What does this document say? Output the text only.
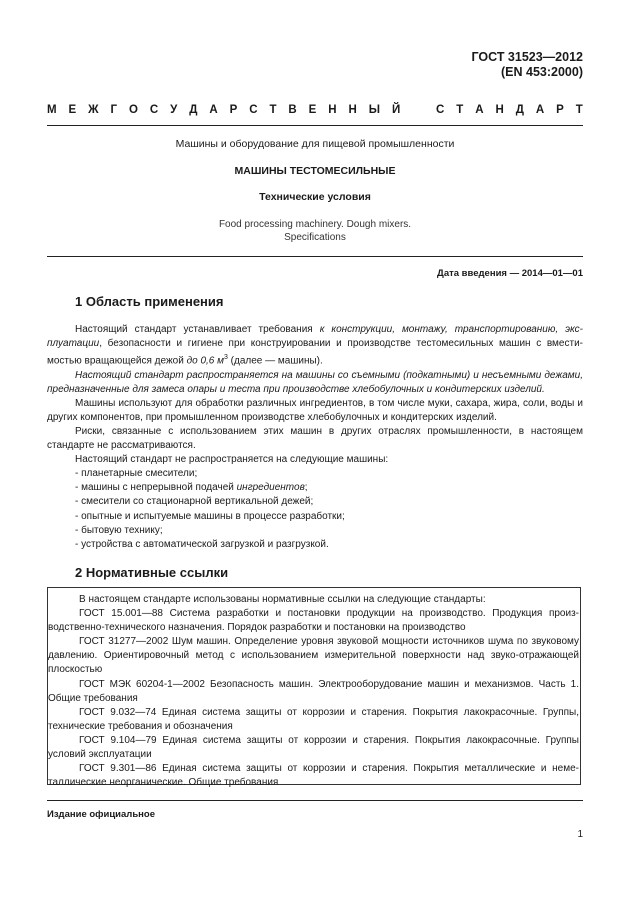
ГОСТ 31523—2012
(EN 453:2000)
М Е Ж Г О С У Д А Р С Т В Е Н Н Ы Й	С Т А Н Д А Р Т
Машины и оборудование для пищевой промышленности
МАШИНЫ ТЕСТОМЕСИЛЬНЫЕ
Технические условия
Food processing machinery. Dough mixers.
Specifications
Дата введения — 2014—01—01
1 Область применения

Настоящий стандарт устанавливает требования к конструкции, монтажу, транспортированию, экс-плуатации, безопасности и гигиене при конструировании и производстве тестомесильных машин с вмести-мостью вращающейся дежой до 0,6 $м^3$ (далее — машины).

Настоящий стандарт распространяется на машины со съемными (подкатными) и несъемными дежами, предназначенные для замеса опары и теста при производстве хлебобулочных и кондитерских изделий.

Машины используют для обработки различных ингредиентов, в том числе муки, сахара, жира, соли, воды и других компонентов, при промышленном производстве хлебобулочных и кондитерских изделий.

Риски, связанные с использованием этих машин в других отраслях промышленности, в настоящем стандарте не рассматриваются.

Настоящий стандарт не распространяется на следующие машины:

- планетарные смесители;

- машины с непрерывной подачей ингредиентов;

- смесители со стационарной вертикальной дежей;

- опытные и испытуемые машины в процессе разработки;

- бытовую технику;

- устройства с автоматической загрузкой и разгрузкой.

2 Нормативные ссылки

В настоящем стандарте использованы нормативные ссылки на следующие стандарты:

ГОСТ 15.001—88 Система разработки и постановки продукции на производство. Продукция произ-водственно-технического назначения. Порядок разработки и постановки на производство

ГОСТ 31277—2002 Шум машин. Определение уровня звуковой мощности источников шума по звуковому давлению. Ориентировочный метод с использованием измерительной поверхности над звуко-отражающей плоскостью

ГОСТ МЭК 60204-1—2002 Безопасность машин. Электрооборудование машин и механизмов. Часть 1. Общие требования

ГОСТ 9.032—74 Единая система защиты от коррозии и старения. Покрытия лакокрасочные. Группы, технические требования и обозначения

ГОСТ 9.104—79 Единая система защиты от коррозии и старения. Покрытия лакокрасочные. Группы условий эксплуатации

ГОСТ 9.301—86 Единая система защиты от коррозии и старения. Покрытия металлические и неме-таллические неорганические. Общие требования

Издание официальное
1
